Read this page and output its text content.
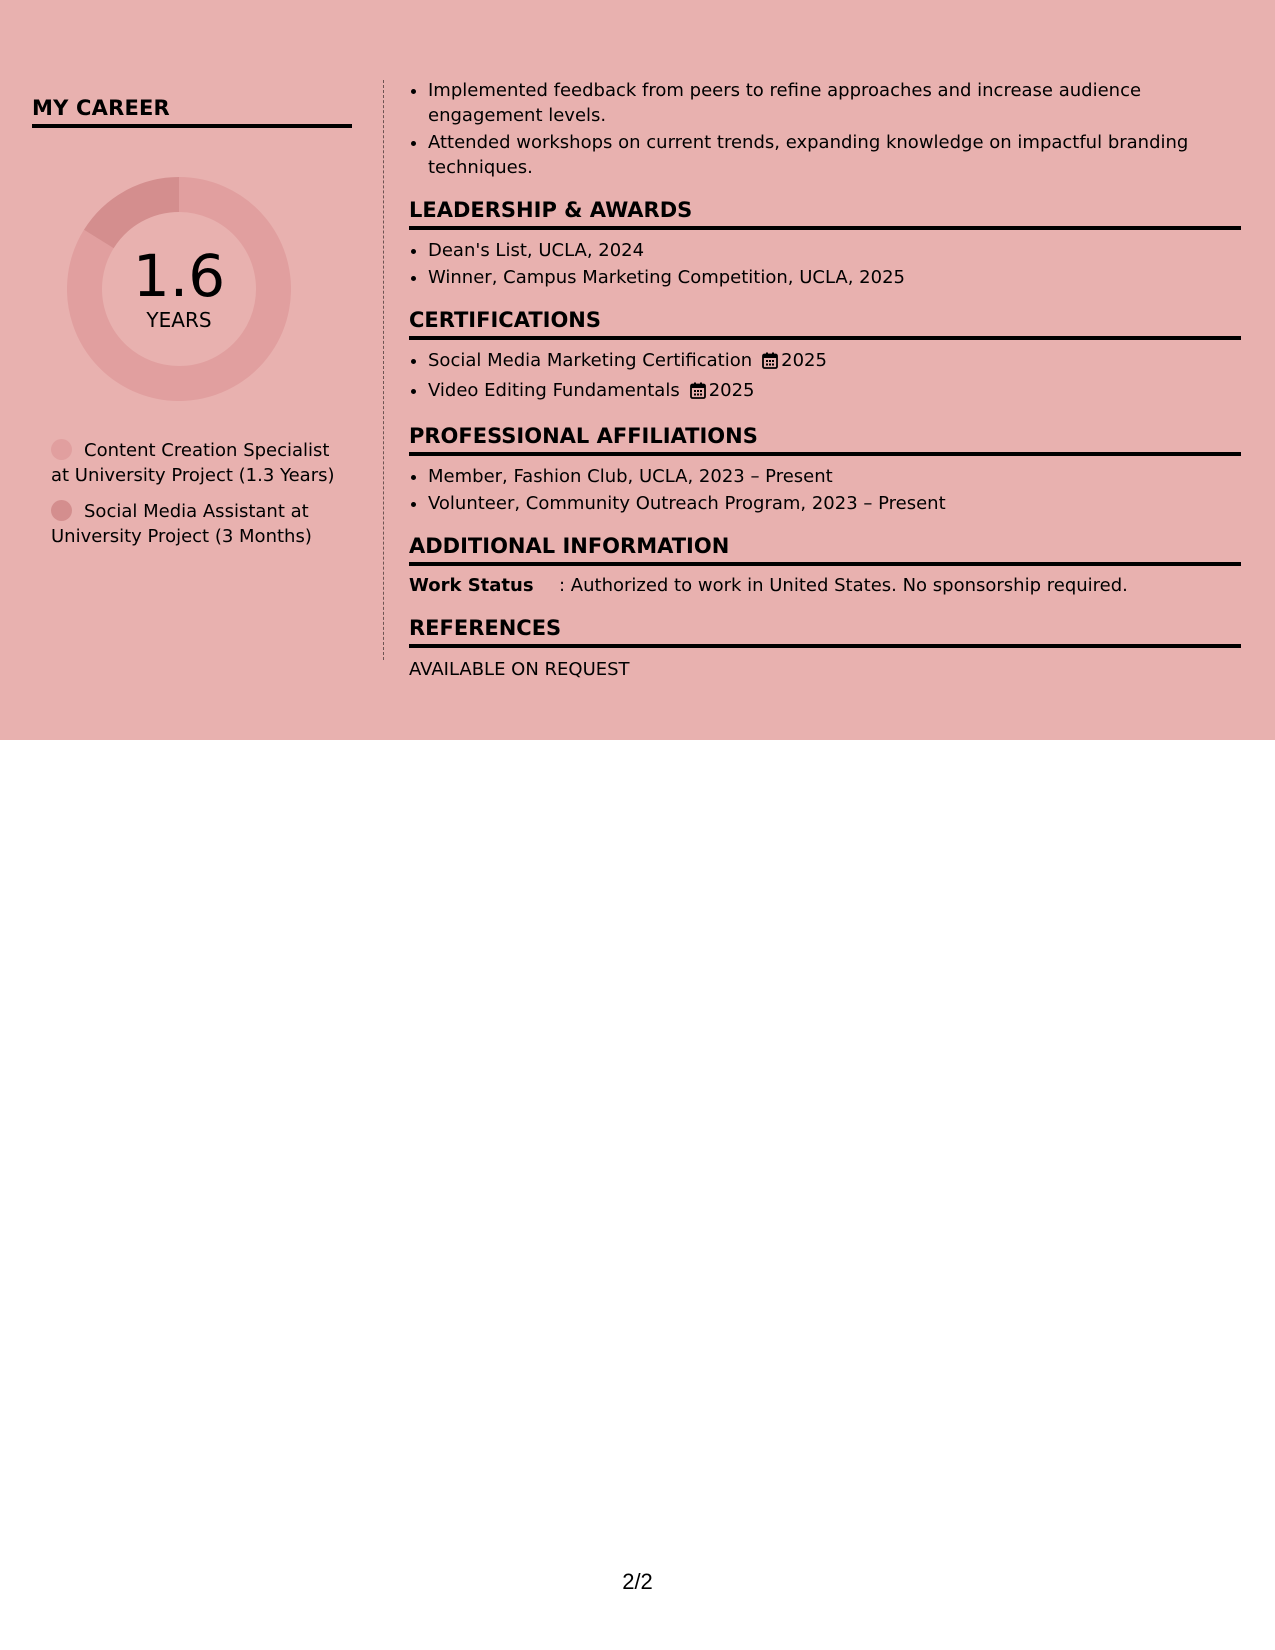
MY CAREER
1.6
YEARS
Content Creation Specialist at University Project (1.3 Years)
Social Media Assistant at University Project (3 Months)
• Implemented feedback from peers to refine approaches and increase audience engagement levels.
• Attended workshops on current trends, expanding knowledge on impactful branding techniques.
LEADERSHIP & AWARDS
• Dean's List, UCLA, 2024
• Winner, Campus Marketing Competition, UCLA, 2025
CERTIFICATIONS
• Social Media Marketing Certification 2025
• Video Editing Fundamentals 2025
PROFESSIONAL AFFILIATIONS
• Member, Fashion Club, UCLA, 2023 – Present
• Volunteer, Community Outreach Program, 2023 – Present
ADDITIONAL INFORMATION
Work Status	: Authorized to work in United States. No sponsorship required.
REFERENCES
AVAILABLE ON REQUEST
2/2
